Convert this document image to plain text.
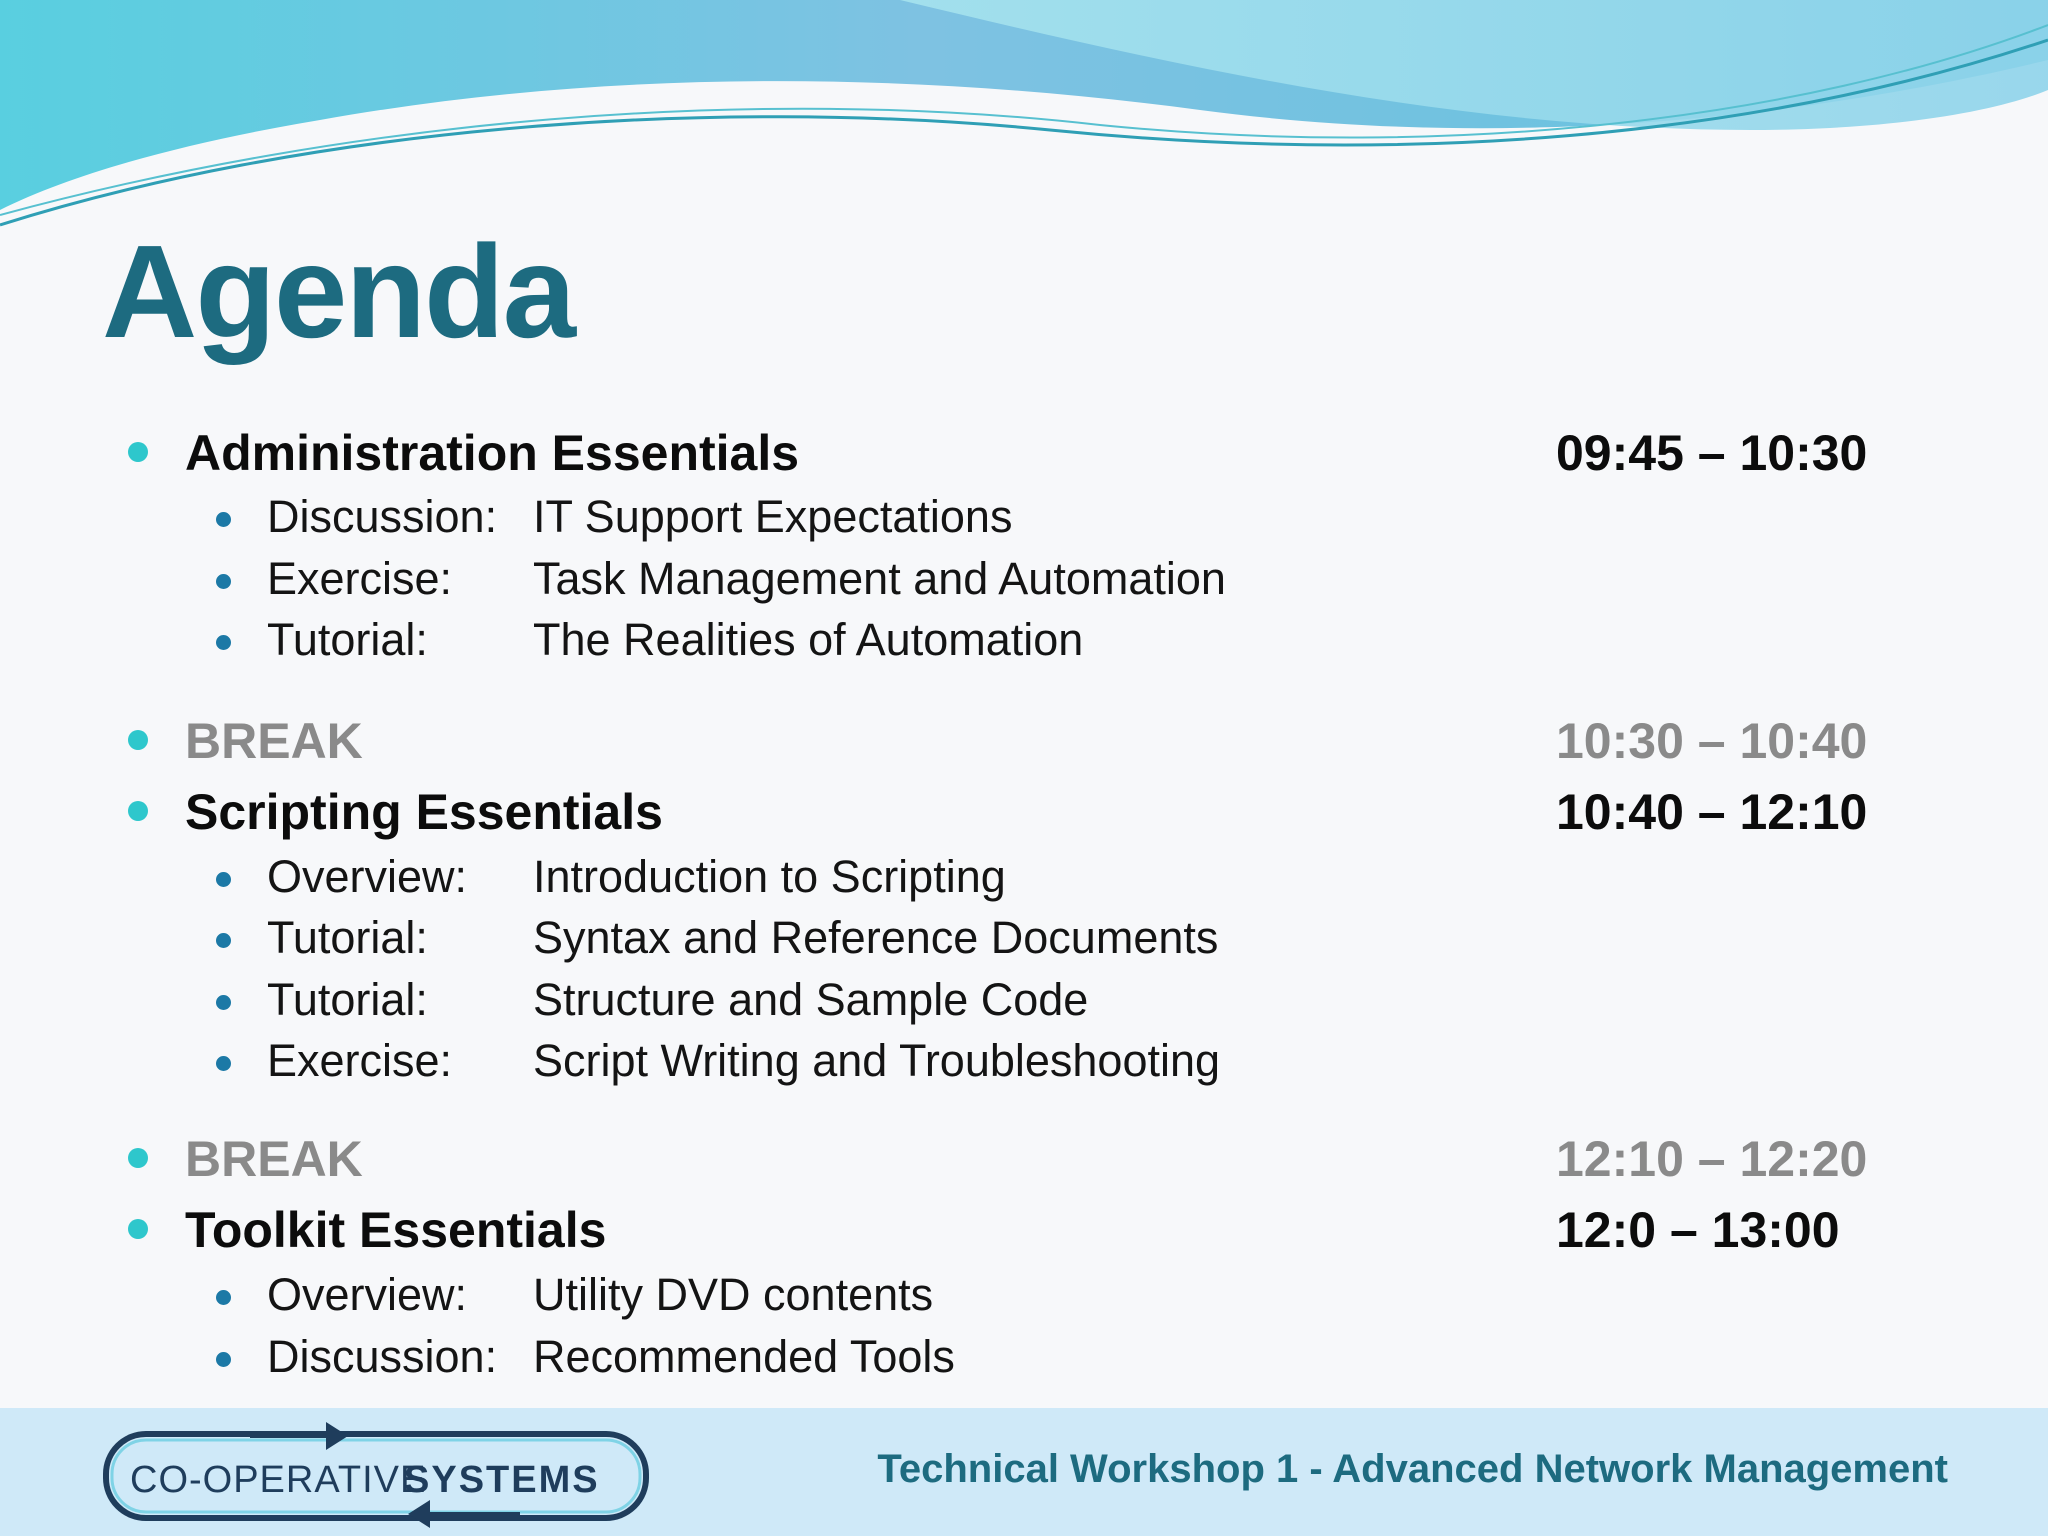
Agenda
Administration Essentials	09:45 – 10:30
Discussion: IT Support Expectations
Exercise: Task Management and Automation
Tutorial: The Realities of Automation
BREAK	10:30 – 10:40
Scripting Essentials	10:40 – 12:10
Overview: Introduction to Scripting
Tutorial: Syntax and Reference Documents
Tutorial: Structure and Sample Code
Exercise: Script Writing and Troubleshooting
BREAK	12:10 – 12:20
Toolkit Essentials	12:0 – 13:00
Overview: Utility DVD contents
Discussion: Recommended Tools
CO-OPERATIVE
SYSTEMS	Technical Workshop 1 - Advanced Network Management
